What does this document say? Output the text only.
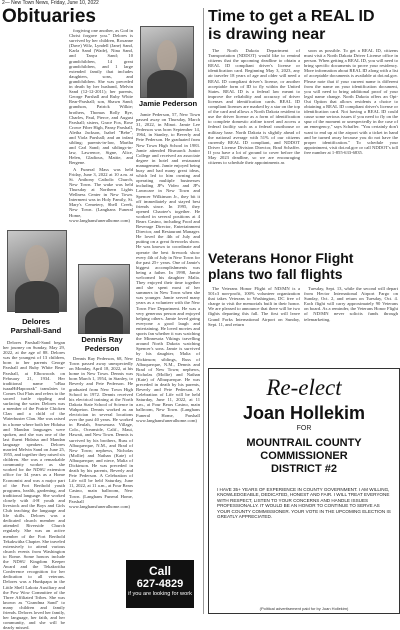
2— New Town News, Friday, June 10, 2022
Obituaries
Delores
Parshall-Sand

Delores Parshall-Sand began her journey on Sunday, May 29, 2022, at the age of 88. Delores was the youngest of 13 children, born to her parents George Parshall and Ruby White Bear-Parshall, at Elbowoods on February 21, 1934. Her traditional name "oBaa tsaaaHtHapoorak" translates to Comes Out Flats and refers to the sacred turtle rippling and surfacing the water. Delores was a member of the Prairie Chicken Clan and a child of the Waterbuster Clan. She was raised in a home where both her Hidatsa and Mandan languages were spoken, and she was one of the last fluent Hidatsa and Mandan language speakers. Delores married Melvin Sand on June 25, 1955, and together they raised six children. She was a remarkable community worker as she worked for the NDSU extension office for 34 years as a Home Economist and was a major part of the Fort Berthold youth programs, health, gardening, and traditional language. She worked closely with 4-H youth and livestock and the Boys and Girls Club teaching the language and life skills. Delores was a dedicated church member and attended Riverside Church regularly. She was an active member of the Fort Berthold Tekakwitha Chapter. She traveled extensively to attend various church events from Washington to Rome. Some honors include the NDSU Kingdom Keeper Award and the Tekakwitha Conference recognition for her dedication to all veterans. Delores was a Hunkpapa in the Little Shell Lakota Auxiliary and the Pow Wow Committee of the Three Affiliated Tribes. She was known as "Grandma Sand" to many children and family friends. Delores loved her family, her language, her faith, and her community, and she will be dearly missed.

forgiving one another, as God in Christ forgave you." Delores is survived by her children, Roxanne (Dave) Wilz, Lyndell (Jane) Sand, Karla Sand (Wade), Nina Sand, and Tanya Sand; 10 grandchildren, 14 great grandchildren, and 1 large extended family that includes daughters, sons, and grandchildren. She was preceded in death by her husband, Melvin Sand (12-12-2011); her parents, George Parshall and Ruby White Rear-Parshall; son, Shawn Sand; grandson, Patrick Wilkie; brothers, Thomas Rolly Rye, Charles, Paul, Pierce, and August Parshall; sisters, Grace Fox, Rose Crowe Fiber High, Pansy Parshall, Aletha Jackson, Isabel "Bebe", and Viola Parshall; and an infant sibling; parents-in-law, Martha and Carl Sand; and siblings-in-law, Lawrence, Signe, Alice, Helen, Gladious, Mattie, and Bergene.

A Funeral Mass was held Friday, June 3, 2022 at 10 a.m. at St. Anthony Catholic Church, New Town. The wake was held Thursday at Northern Lights Wellness Center in New Town. Interment was in Holy Family, St. Mary's Cemetery, Shell Creek, New Town. (Langhans Funeral Home, www.langhansfuneralhome.com)

Dennis Ray
Pederson

Dennis Ray Pederson, 68, New Town passed away unexpectedly on Monday, April 18, 2022, at his home in New Town. Dennis was born March 1, 1954, in Stanley, to Beverly and Pete Pederson. He graduated from New Town High School in 1972. Dennis received his electrical training at the North Dakota State School of Science in Wahpeton. Dennis worked as an electrician in several locations over the past 40 years. He worked in Beulah, Snowmass Village, Colo., Oceanside, Calif., Maui, Hawaii, and New Town. Dennis is survived by his brothers, Russ of Albuquerque, N.M., and Brad of New Town; nephews, Nicholas (Mollie) and Nathan (Kate) of Albuquerque; and niece, Malia of Dickinson. He was preceded in death by his parents, Beverly and Pete Pederson. A Celebration of Life will be held Saturday, June 11, 2022, at 11 a.m., at Four Bears Casino, main ballroom, New Town. (Langhans Funeral Home, Parshall www.langhansfuneralhome.com)

Jamie Pederson

Jamie Pederson, 57, New Town passed away on Thursday, March 31, 2022, in Minot. Jamie Lee Pederson was born September 14, 1964, in Stanley, to Beverly and Pete Pederson. He graduated from New Town High School in 1983. Jamie attended Bismarck Junior College and received an associate degree in hotel and restaurant management. Jamie enjoyed being busy and had many great ideas, which led to him owning and operating multiple businesses including JP's Video and JP's Lawncare in New Town and Spencer Wilkinson Jr., they bit it off immediately and stayed best friends since. In 1995, they opened Chaotee's together. He worked in several positions at 4 Bears Casino, including Food and Beverage Director, Entertainment Director, and Restaurant Manager. He loved the 4th of July and putting on a great fireworks show. He was known to coordinate and operate the best firework show every 4th of July in New Town for the past 25+ years. One of Jamie's biggest accomplishments was being a father. In 1998, Jamie welcomed his daughter Malia. They enjoyed their time together and she spent most of her summers in New Town when she was younger. Jamie served many years as a volunteer with the New Town Fire Department. He was a very generous person and enjoyed helping others. Jamie loved going everyone a good laugh and entertaining. He loved movies and sports fan whether it was watching the Minnesota Vikings travelling around North Dakota watching Spencer's sons. Jamie is survived by his daughter, Malia of Dickinson; siblings, Russ of Albuquerque, N.M., Dennis and Brad of New Town; nephews, Nicholas (Mollie) and Nathan (Kate) of Albuquerque. He was preceded in death by his parents, Beverly and Pete Pederson. A Celebration of Life will be held Saturday, June 11, 2022, at 11 a.m., at Four Bears Casino, main ballroom, New Town. (Langhans Funeral Home, Parshall www.langhansfuneralhome.com)

Call
627-4829
if you are looking for work
Time to get a REAL ID
is drawing near

The North Dakota Department of Transportation (NDDOT) would like to remind citizens that the upcoming deadline to obtain a REAL ID compliant driver's license or identification card. Beginning May 3, 2023, any air traveler 18 years of age and older will need a REAL ID compliant driver's license, or another acceptable form of ID to fly within the United States. REAL ID is a federal law meant to improve the reliability and accuracy of driver licenses and identification cards. REAL ID compliant licenses are marked by a star on the top of the card and allows a North Dakota resident to use the driver license as a form of identification to complete domestic airline travel and access a federal facility such as a federal courthouse or military base. North Dakota is slightly ahead of the national average with 51% of our citizens currently REAL ID compliant, and NDDOT Driver License Division Director, Brad Schaffer. If you have a lot of ground to cover before the May 2023 deadline, so we are encouraging citizens to schedule their appointments as

soon as possible. To get a REAL ID, citizens must visit a North Dakota Driver License office in person. When getting a REAL ID, you will need to bring specific documents to prove your residency. More information about REAL ID along with a list of acceptable documents is available at dot.nd.gov. Please note that if your current name is different from the name on your identification document, you will need to bring additional proof of your legal name change. North Dakota offers an Opt-Out Option that allows residents a choice to obtaining a REAL ID compliant driver's license or identification card. Not having a REAL ID could cause some serious issues if you need to fly on the spur of the moment or unexpectedly in the case of an emergency," says Schaffer. "You certainly don't want to end up at the airport with a ticket in hand and be turned away because you do not have the proper identification." To schedule your appointment, visit dot.nd.gov or call NDDOT's toll free number at 1-855-633-6835.

Veterans Honor Flight
plans two fall flights

The Veterans Honor Flight of ND/MN is a 501c3 non-profit, 100% volunteer organization that takes Veterans to Washington, DC free of charge to visit the memorials built in their honor. We are pleased to announce that there will be two flights departing this fall. The first will leave Grand Forks International Airport on Sunday, Sept. 11, and return

Tuesday, Sept. 13, while the second will depart from Hector International Airport Fargo on Sunday, Oct. 2, and return on Tuesday, Oct. 4. Each flight will carry approximately 90 Veterans on board. As a reminder, the Veterans Honor Flight of ND/MN never solicits funds through telemarketing.

Re-elect
Joan Hollekim
FOR
MOUNTRAIL COUNTY
COMMISSIONER
DISTRICT #2
I HAVE 35+ YEARS OF EXPERIENCE IN COUNTY GOVERNMENT. I AM WILLING, KNOWLEDGEABLE, DEDICATED, HONEST AND FAIR. I WILL TREAT EVERYONE WITH RESPECT, LISTEN TO YOUR CONCERNS AND HANDLE ISSUES PROFESSIONALLY. IT WOULD BE AN HONOR TO CONTINUE TO SERVE AS YOUR COUNTY COMMISSIONER. YOUR VOTE IN THE UPCOMING ELECTION IS GREATLY APPRECIATED.
(Political advertisement paid for by Joan Hollekim)
